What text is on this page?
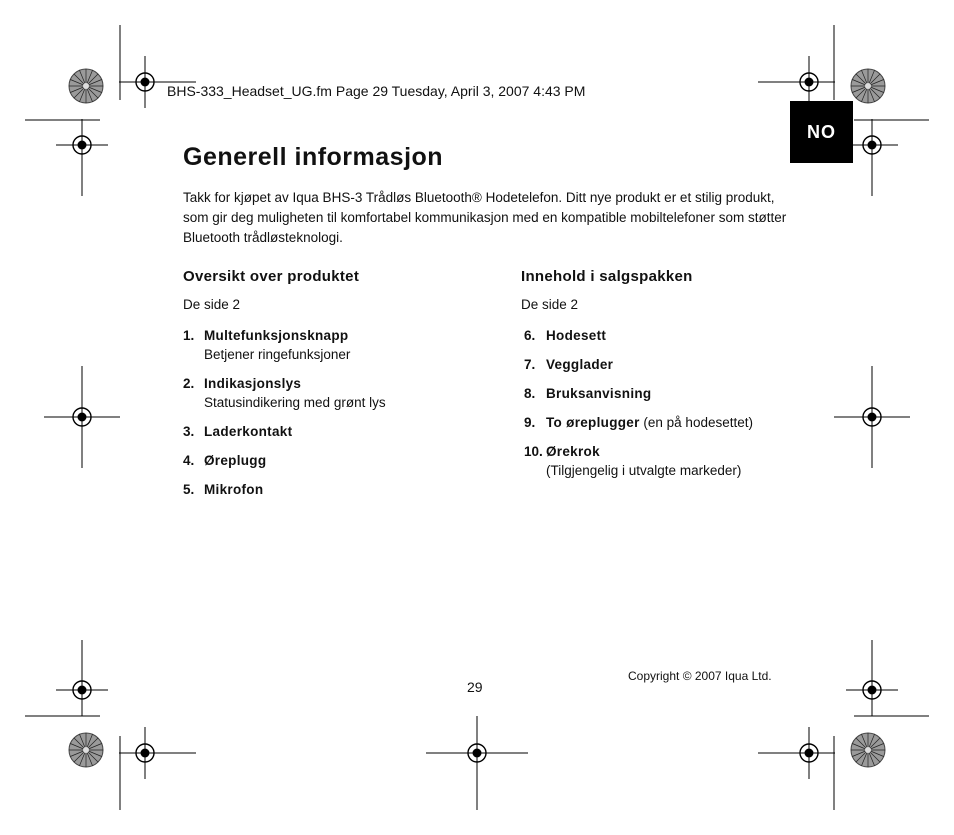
BHS-333_Headset_UG.fm Page 29 Tuesday, April 3, 2007 4:43 PM
NO
Generell informasjon

Takk for kjøpet av Iqua BHS-3 Trådløs Bluetooth® Hodetelefon. Ditt nye produkt er et stilig produkt, som gir deg muligheten til komfortabel kommunikasjon med en kompatible mobiltelefoner som støtter Bluetooth trådløsteknologi.

Oversikt over produktet
De side 2
1. Multefunksjonsknapp
Betjener ringefunksjoner
2. Indikasjonslys
Statusindikering med grønt lys
3. Laderkontakt
4. Øreplugg
5. Mikrofon
Innehold i salgspakken
De side 2
6. Hodesett
7. Vegglader
8. Bruksanvisning
9. To øreplugger (en på hodesettet)
10. Ørekrok
(Tilgjengelig i utvalgte markeder)
29
Copyright © 2007 Iqua Ltd.
